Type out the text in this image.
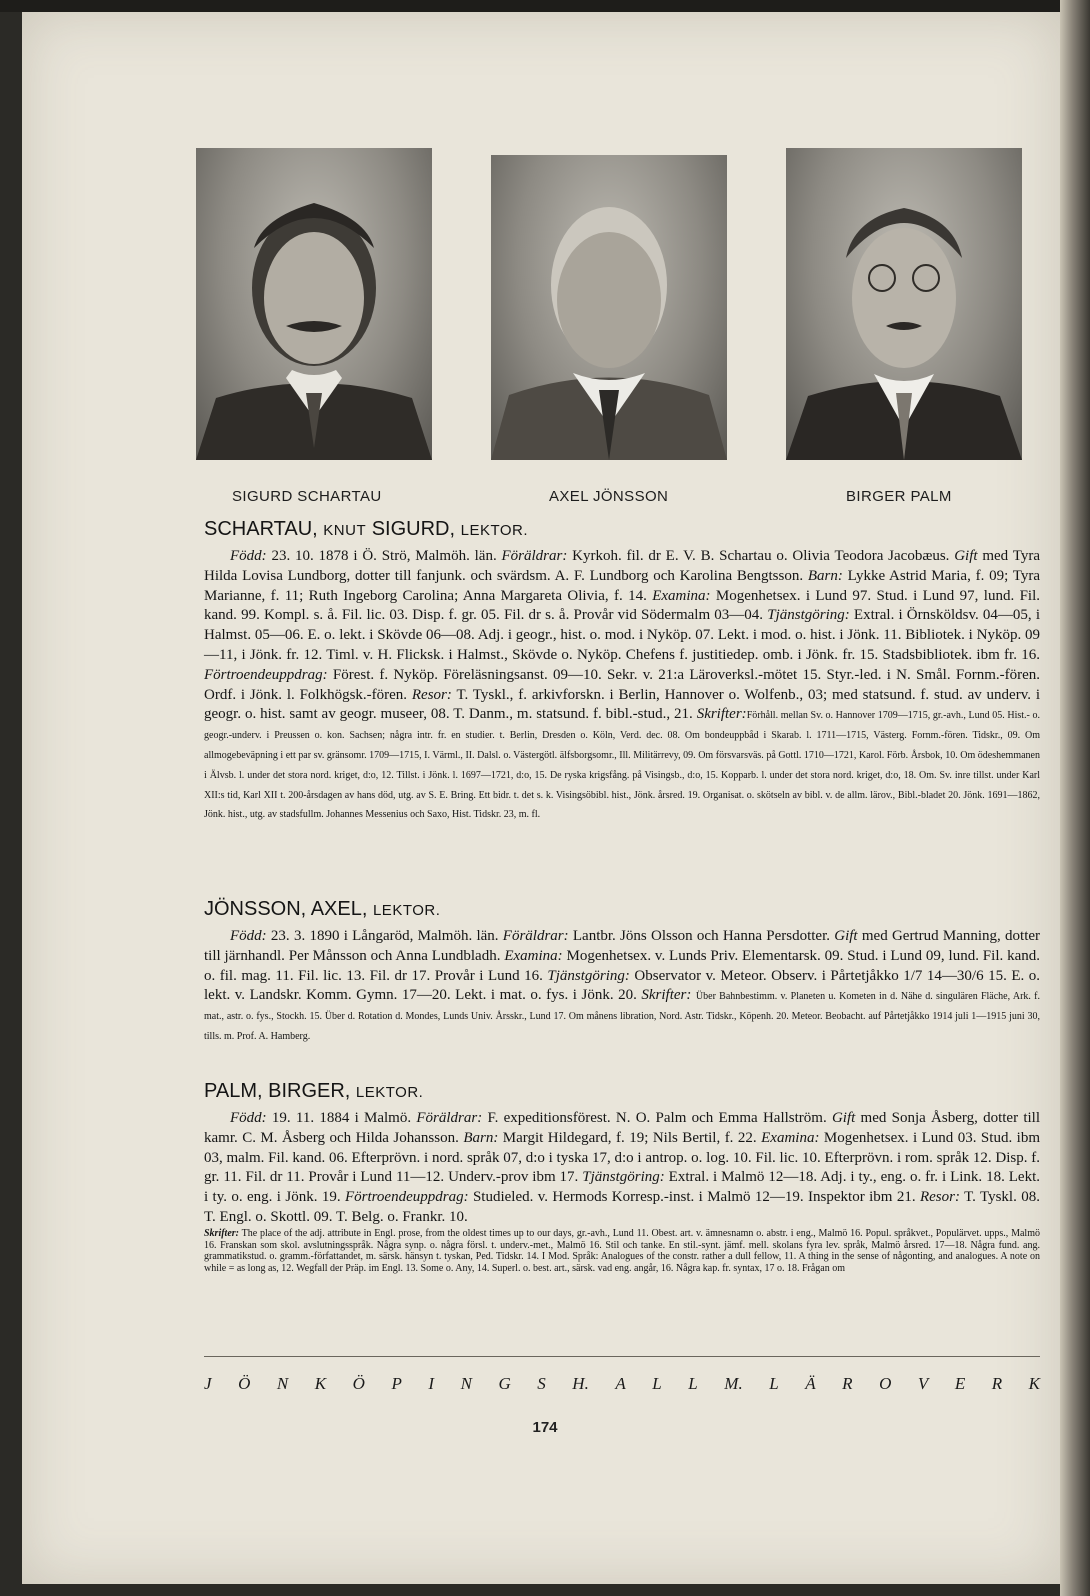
SIGURD SCHARTAU	AXEL JÖNSSON	BIRGER PALM
SCHARTAU, KNUT SIGURD, LEKTOR.

Född: 23. 10. 1878 i Ö. Strö, Malmöh. län. Föräldrar: Kyrkoh. fil. dr E. V. B. Schartau o. Olivia Teodora Jacobæus. Gift med Tyra Hilda Lovisa Lundborg, dotter till fanjunk. och svärdsm. A. F. Lundborg och Karolina Bengtsson. Barn: Lykke Astrid Maria, f. 09; Tyra Marianne, f. 11; Ruth Ingeborg Carolina; Anna Margareta Olivia, f. 14. Examina: Mogenhetsex. i Lund 97. Stud. i Lund 97, lund. Fil. kand. 99. Kompl. s. å. Fil. lic. 03. Disp. f. gr. 05. Fil. dr s. å. Provår vid Södermalm 03—04. Tjänstgöring: Extral. i Örnsköldsv. 04—05, i Halmst. 05—06. E. o. lekt. i Skövde 06—08. Adj. i geogr., hist. o. mod. i Nyköp. 07. Lekt. i mod. o. hist. i Jönk. 11. Bibliotek. i Nyköp. 09—11, i Jönk. fr. 12. Timl. v. H. Flicksk. i Halmst., Skövde o. Nyköp. Chefens f. justitiedep. omb. i Jönk. fr. 15. Stadsbibliotek. ibm fr. 16. Förtroendeuppdrag: Förest. f. Nyköp. Föreläsningsanst. 09—10. Sekr. v. 21:a Läroverksl.-mötet 15. Styr.-led. i N. Smål. Fornm.-fören. Ordf. i Jönk. l. Folkhögsk.-fören. Resor: T. Tyskl., f. arkivforskn. i Berlin, Hannover o. Wolfenb., 03; med statsund. f. stud. av underv. i geogr. o. hist. samt av geogr. museer, 08. T. Danm., m. statsund. f. bibl.-stud., 21. Skrifter:Förhåll. mellan Sv. o. Hannover 1709—1715, gr.-avh., Lund 05. Hist.- o. geogr.-underv. i Preussen o. kon. Sachsen; några intr. fr. en studier. t. Berlin, Dresden o. Köln, Verd. dec. 08. Om bondeuppbåd i Skarab. l. 1711—1715, Västerg. Fornm.-fören. Tidskr., 09. Om allmogebeväpning i ett par sv. gränsomr. 1709—1715, I. Värml., II. Dalsl. o. Västergötl. älfsborgsomr., Ill. Militärrevy, 09. Om försvarsväs. på Gottl. 1710—1721, Karol. Förb. Årsbok, 10. Om ödeshemmanen i Älvsb. l. under det stora nord. kriget, d:o, 12. Tillst. i Jönk. l. 1697—1721, d:o, 15. De ryska krigsfång. på Visingsb., d:o, 15. Kopparb. l. under det stora nord. kriget, d:o, 18. Om. Sv. inre tillst. under Karl XII:s tid, Karl XII t. 200-årsdagen av hans död, utg. av S. E. Bring. Ett bidr. t. det s. k. Visingsöbibl. hist., Jönk. årsred. 19. Organisat. o. skötseln av bibl. v. de allm. lärov., Bibl.-bladet 20. Jönk. 1691—1862, Jönk. hist., utg. av stadsfullm. Johannes Messenius och Saxo, Hist. Tidskr. 23, m. fl.

JÖNSSON, AXEL, LEKTOR.

Född: 23. 3. 1890 i Långaröd, Malmöh. län. Föräldrar: Lantbr. Jöns Olsson och Hanna Persdotter. Gift med Gertrud Manning, dotter till järnhandl. Per Månsson och Anna Lundbladh. Examina: Mogenhetsex. v. Lunds Priv. Elementarsk. 09. Stud. i Lund 09, lund. Fil. kand. o. fil. mag. 11. Fil. lic. 13. Fil. dr 17. Provår i Lund 16. Tjänstgöring: Observator v. Meteor. Observ. i Pårtetjåkko 1/7 14—30/6 15. E. o. lekt. v. Landskr. Komm. Gymn. 17—20. Lekt. i mat. o. fys. i Jönk. 20. Skrifter: Über Bahnbestimm. v. Planeten u. Kometen in d. Nähe d. singulären Fläche, Ark. f. mat., astr. o. fys., Stockh. 15. Über d. Rotation d. Mondes, Lunds Univ. Årsskr., Lund 17. Om månens libration, Nord. Astr. Tidskr., Köpenh. 20. Meteor. Beobacht. auf Pårtetjåkko 1914 juli 1—1915 juni 30, tills. m. Prof. A. Hamberg.

PALM, BIRGER, LEKTOR.

Född: 19. 11. 1884 i Malmö. Föräldrar: F. expeditionsförest. N. O. Palm och Emma Hallström. Gift med Sonja Åsberg, dotter till kamr. C. M. Åsberg och Hilda Johansson. Barn: Margit Hildegard, f. 19; Nils Bertil, f. 22. Examina: Mogenhetsex. i Lund 03. Stud. ibm 03, malm. Fil. kand. 06. Efterprövn. i nord. språk 07, d:o i tyska 17, d:o i antrop. o. log. 10. Fil. lic. 10. Efterprövn. i rom. språk 12. Disp. f. gr. 11. Fil. dr 11. Provår i Lund 11—12. Underv.-prov ibm 17. Tjänstgöring: Extral. i Malmö 12—18. Adj. i ty., eng. o. fr. i Link. 18. Lekt. i ty. o. eng. i Jönk. 19. Förtroendeuppdrag: Studieled. v. Hermods Korresp.-inst. i Malmö 12—19. Inspektor ibm 21. Resor: T. Tyskl. 08. T. Engl. o. Skottl. 09. T. Belg. o. Frankr. 10.

Skrifter: The place of the adj. attribute in Engl. prose, from the oldest times up to our days, gr.-avh., Lund 11. Obest. art. v. ämnesnamn o. abstr. i eng., Malmö 16. Popul. språkvet., Populärvet. upps., Malmö 16. Franskan som skol. avslutningsspråk. Några synp. o. några försl. t. underv.-met., Malmö 16. Stil och tanke. En stil.-synt. jämf. mell. skolans fyra lev. språk, Malmö årsred. 17—18. Några fund. ang. grammatikstud. o. gramm.-författandet, m. särsk. hänsyn t. tyskan, Ped. Tidskr. 14. I Mod. Språk: Analogues of the constr. rather a dull fellow, 11. A thing in the sense of någonting, and analogues. A note on while = as long as, 12. Wegfall der Präp. im Engl. 13. Some o. Any, 14. Superl. o. best. art., särsk. vad eng. angår, 16. Några kap. fr. syntax, 17 o. 18. Frågan om

J Ö N K Ö P I N G S H. A L L M. L Ä R O V E R K
174
